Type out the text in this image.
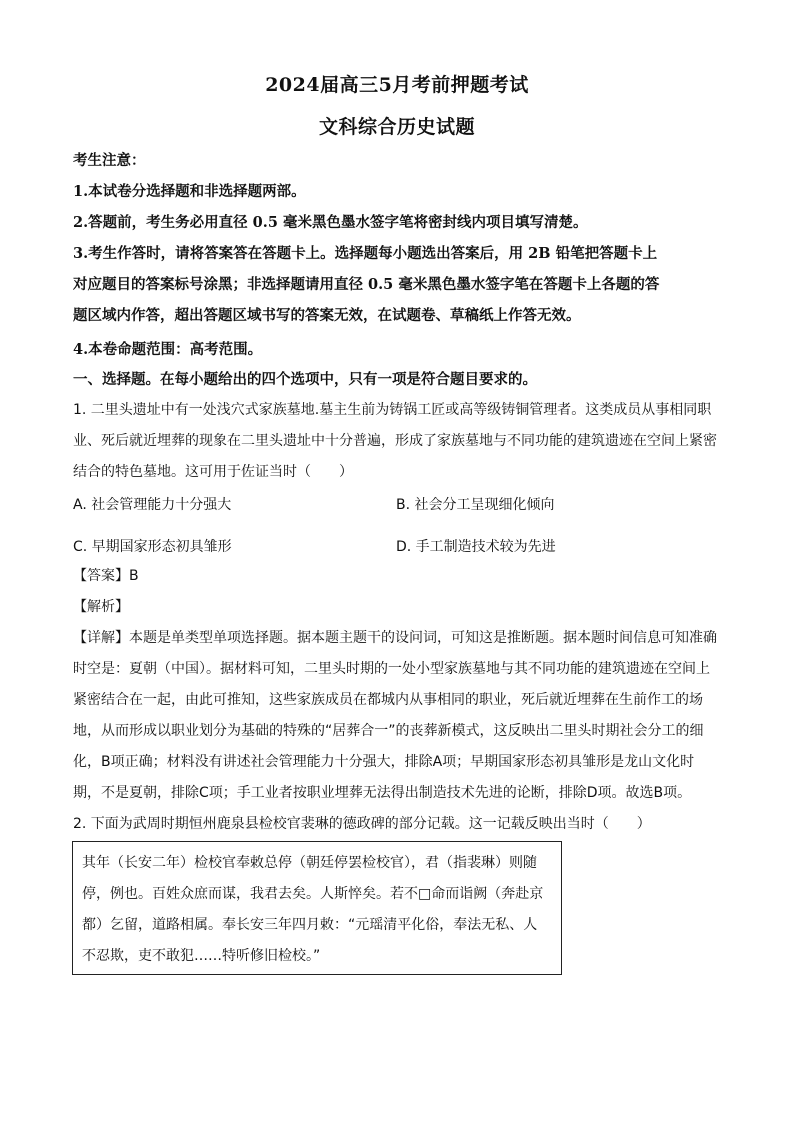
2024届高三5月考前押题考试
文科综合历史试题
考生注意：
1.本试卷分选择题和非选择题两部。
2.答题前，考生务必用直径 0.5 毫米黑色墨水签字笔将密封线内项目填写清楚。
3.考生作答时，请将答案答在答题卡上。选择题每小题选出答案后，用 2B 铅笔把答题卡上
对应题目的答案标号涂黑；非选择题请用直径 0.5 毫米黑色墨水签字笔在答题卡上各题的答
题区域内作答，超出答题区域书写的答案无效，在试题卷、草稿纸上作答无效。
4.本卷命题范围：高考范围。
一、选择题。在每小题给出的四个选项中，只有一项是符合题目要求的。
1. 二里头遗址中有一处浅穴式家族墓地.墓主生前为铸锅工匠或高等级铸铜管理者。这类成员从事相同职
业、死后就近埋葬的现象在二里头遗址中十分普遍，形成了家族墓地与不同功能的建筑遗迹在空间上紧密
结合的特色墓地。这可用于佐证当时（　　）
A. 社会管理能力十分强大	B. 社会分工呈现细化倾向
C. 早期国家形态初具雏形	D. 手工制造技术较为先进
【答案】B
【解析】
【详解】本题是单类型单项选择题。据本题主题干的设问词，可知这是推断题。据本题时间信息可知准确
时空是：夏朝（中国）。据材料可知，二里头时期的一处小型家族墓地与其不同功能的建筑遗迹在空间上
紧密结合在一起，由此可推知，这些家族成员在都城内从事相同的职业，死后就近埋葬在生前作工的场
地，从而形成以职业划分为基础的特殊的“居葬合一”的丧葬新模式，这反映出二里头时期社会分工的细
化，B项正确；材料没有讲述社会管理能力十分强大，排除A项；早期国家形态初具雏形是龙山文化时
期，不是夏朝，排除C项；手工业者按职业埋葬无法得出制造技术先进的论断，排除D项。故选B项。
2. 下面为武周时期恒州鹿泉县检校官裴琳的德政碑的部分记载。这一记载反映出当时（　　）
其年（长安二年）检校官奉敕总停（朝廷停罢检校官），君（指裴琳）则随
停，例也。百姓众庶而谋，我君去矣。人斯悴矣。若不□命而诣阙（奔赴京
都）乞留，道路相属。奉长安三年四月敕：“元瑶清平化俗，奉法无私、人
不忍欺，吏不敢犯……特听修旧检校。”
